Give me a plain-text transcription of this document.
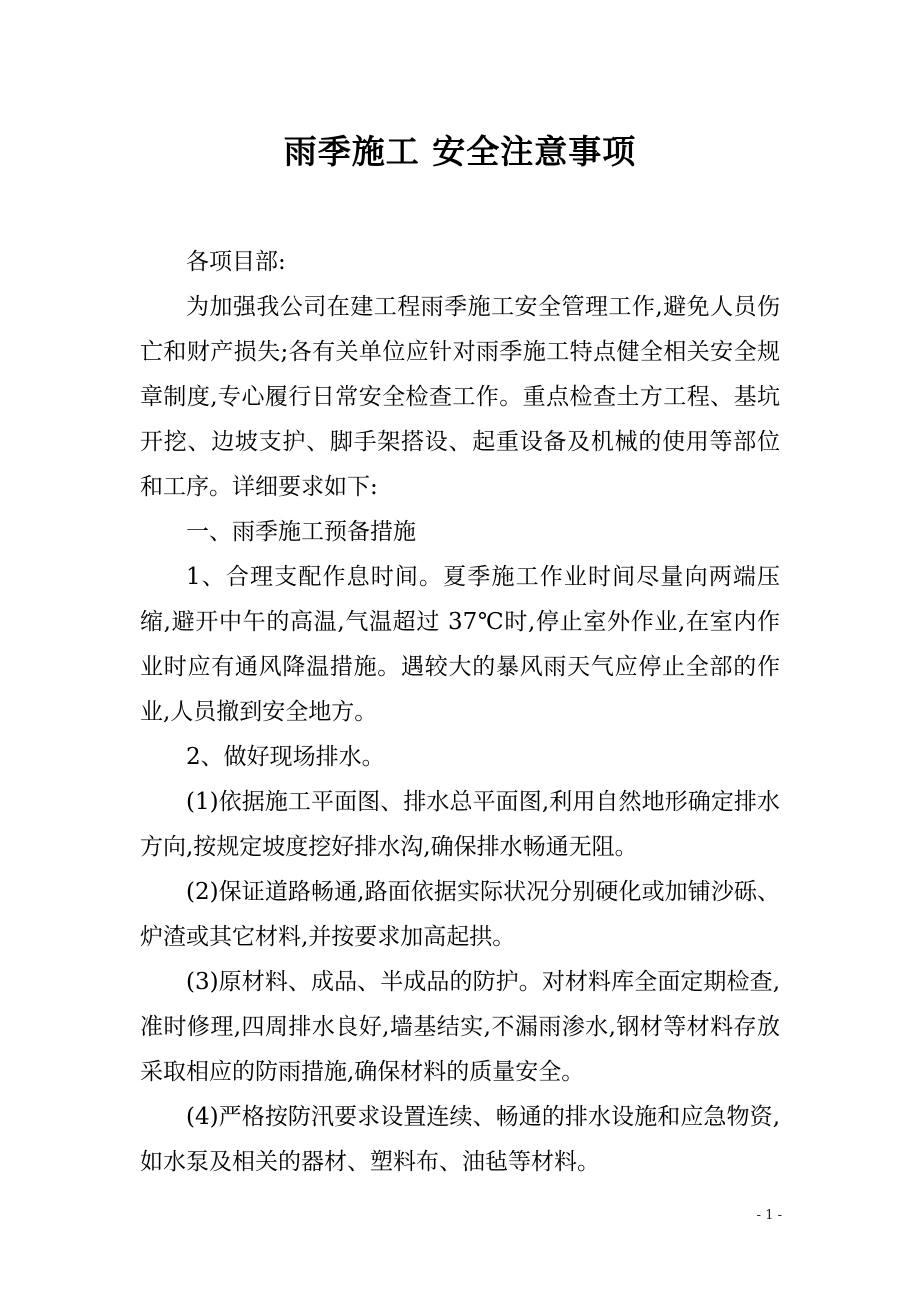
雨季施工 安全注意事项

各项目部:

为加强我公司在建工程雨季施工安全管理工作,避免人员伤亡和财产损失;各有关单位应针对雨季施工特点健全相关安全规章制度,专心履行日常安全检查工作。重点检查土方工程、基坑开挖、边坡支护、脚手架搭设、起重设备及机械的使用等部位和工序。详细要求如下:

一、雨季施工预备措施

1、合理支配作息时间。夏季施工作业时间尽量向两端压缩,避开中午的高温,气温超过 37℃时,停止室外作业,在室内作业时应有通风降温措施。遇较大的暴风雨天气应停止全部的作业,人员撤到安全地方。

2、做好现场排水。

(1)依据施工平面图、排水总平面图,利用自然地形确定排水方向,按规定坡度挖好排水沟,确保排水畅通无阻。

(2)保证道路畅通,路面依据实际状况分别硬化或加铺沙砾、炉渣或其它材料,并按要求加高起拱。

(3)原材料、成品、半成品的防护。对材料库全面定期检查,准时修理,四周排水良好,墙基结实,不漏雨渗水,钢材等材料存放采取相应的防雨措施,确保材料的质量安全。

(4)严格按防汛要求设置连续、畅通的排水设施和应急物资,如水泵及相关的器材、塑料布、油毡等材料。

- 1 -
